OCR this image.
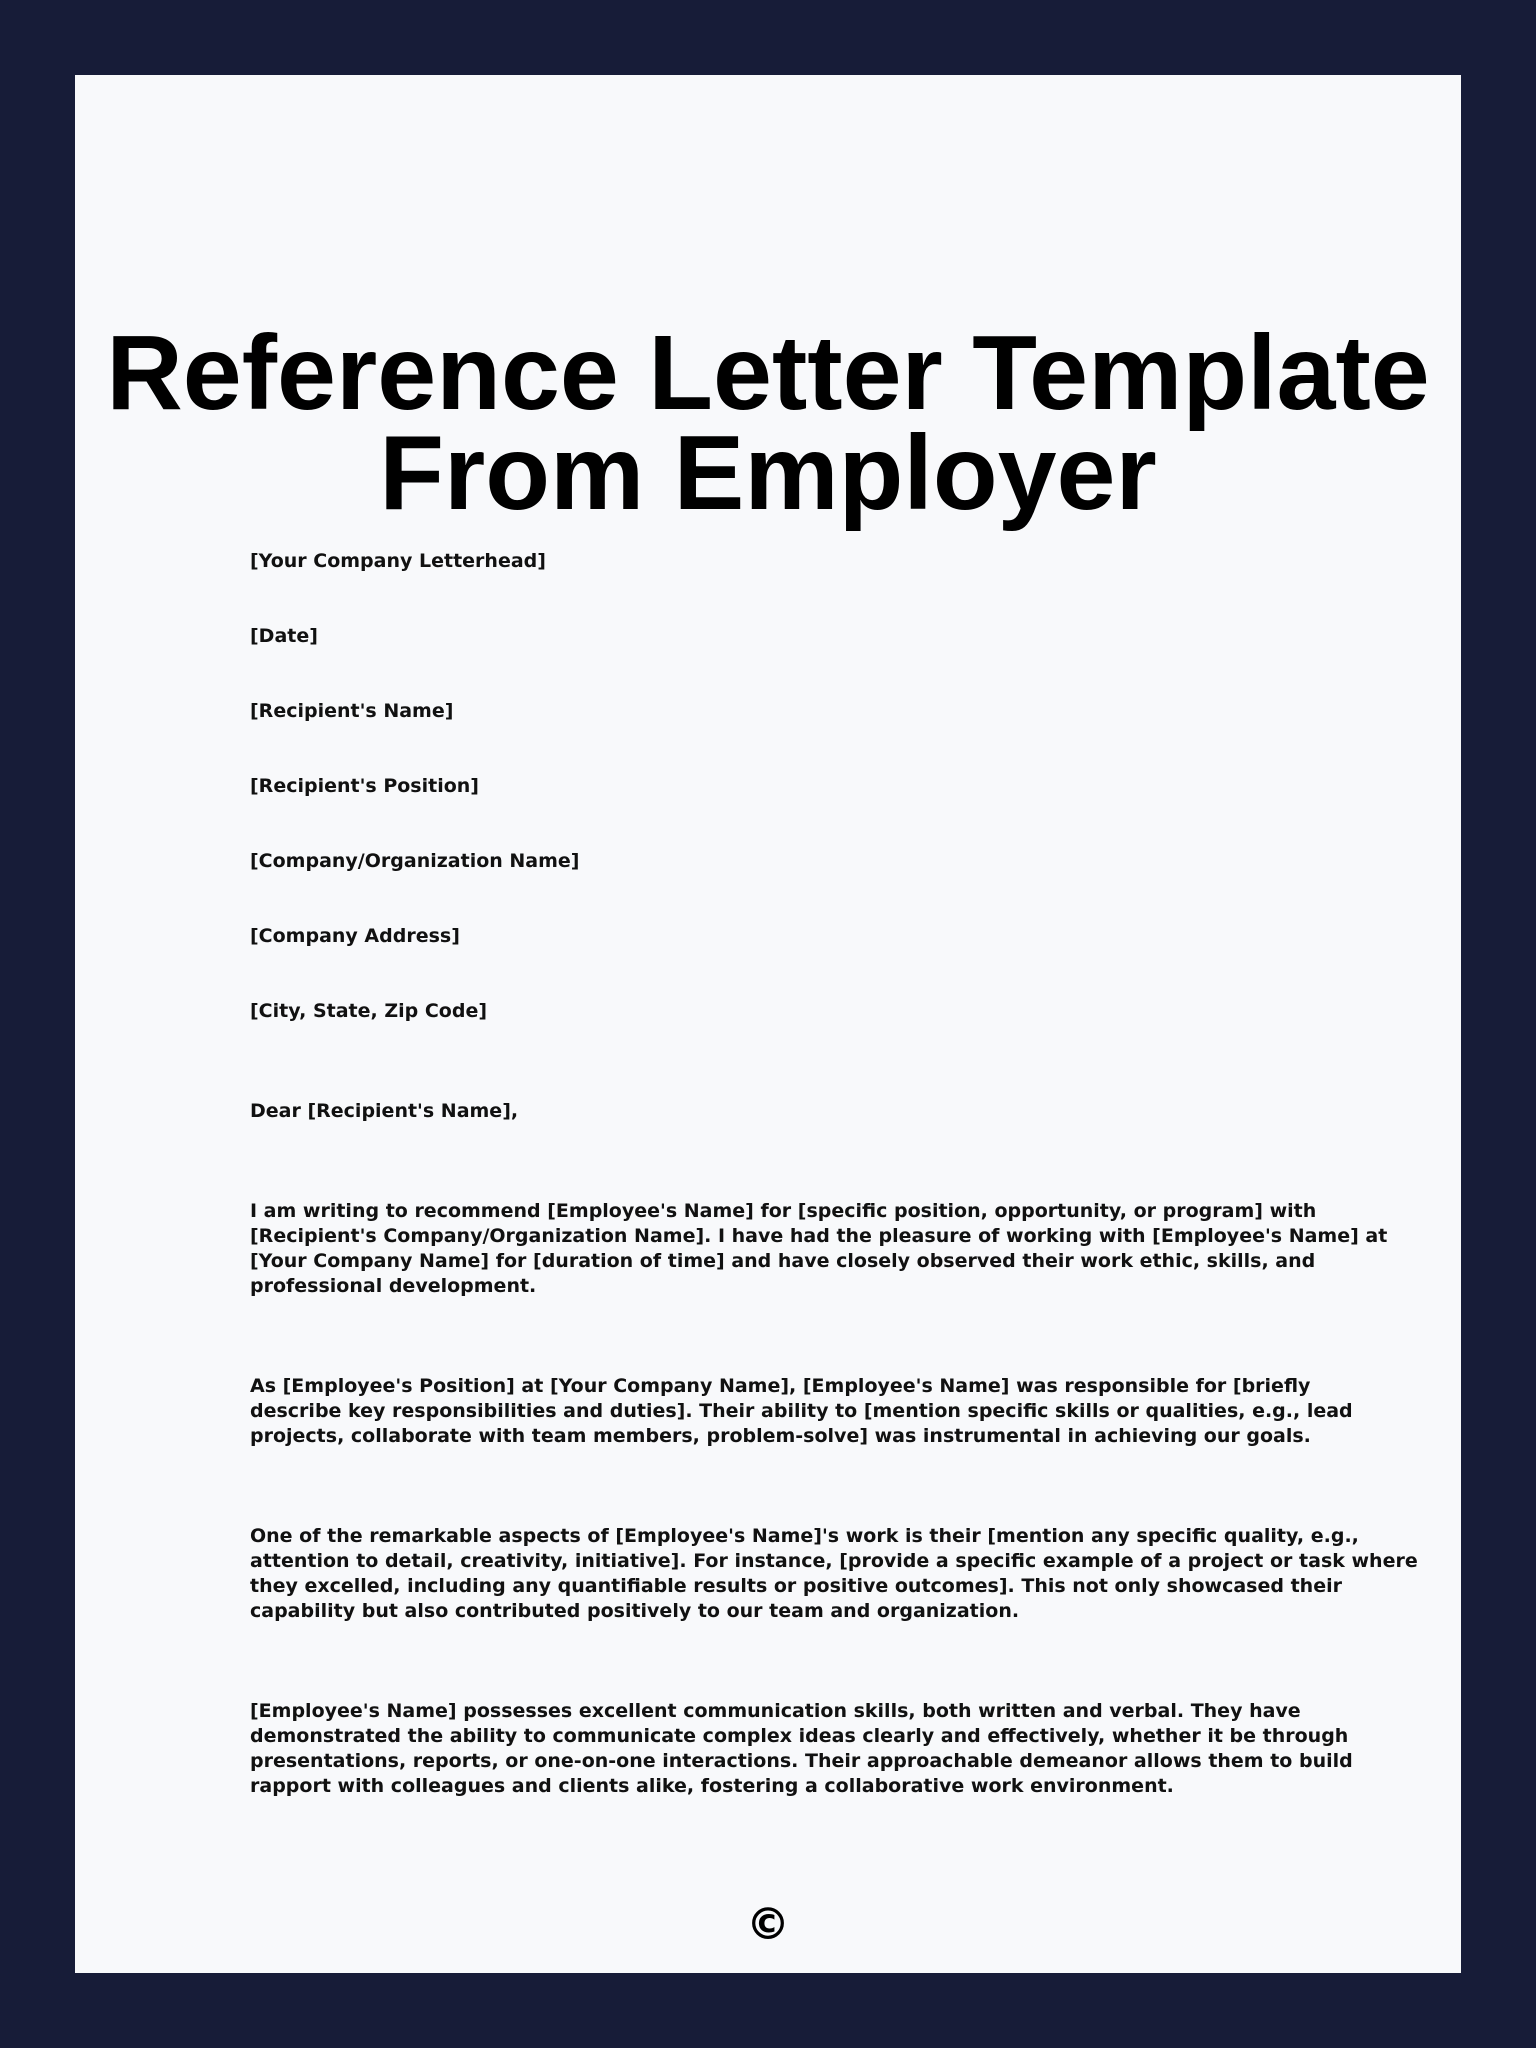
Reference Letter Template
From Employer
[Your Company Letterhead]
[Date]
[Recipient's Name]
[Recipient's Position]
[Company/Organization Name]
[Company Address]
[City, State, Zip Code]
Dear [Recipient's Name],
I am writing to recommend [Employee's Name] for [specific position, opportunity, or program] with
[Recipient's Company/Organization Name]. I have had the pleasure of working with [Employee's Name] at
[Your Company Name] for [duration of time] and have closely observed their work ethic, skills, and
professional development.
As [Employee's Position] at [Your Company Name], [Employee's Name] was responsible for [briefly
describe key responsibilities and duties]. Their ability to [mention specific skills or qualities, e.g., lead
projects, collaborate with team members, problem-solve] was instrumental in achieving our goals.
One of the remarkable aspects of [Employee's Name]'s work is their [mention any specific quality, e.g.,
attention to detail, creativity, initiative]. For instance, [provide a specific example of a project or task where
they excelled, including any quantifiable results or positive outcomes]. This not only showcased their
capability but also contributed positively to our team and organization.
[Employee's Name] possesses excellent communication skills, both written and verbal. They have
demonstrated the ability to communicate complex ideas clearly and effectively, whether it be through
presentations, reports, or one-on-one interactions. Their approachable demeanor allows them to build
rapport with colleagues and clients alike, fostering a collaborative work environment.
©
